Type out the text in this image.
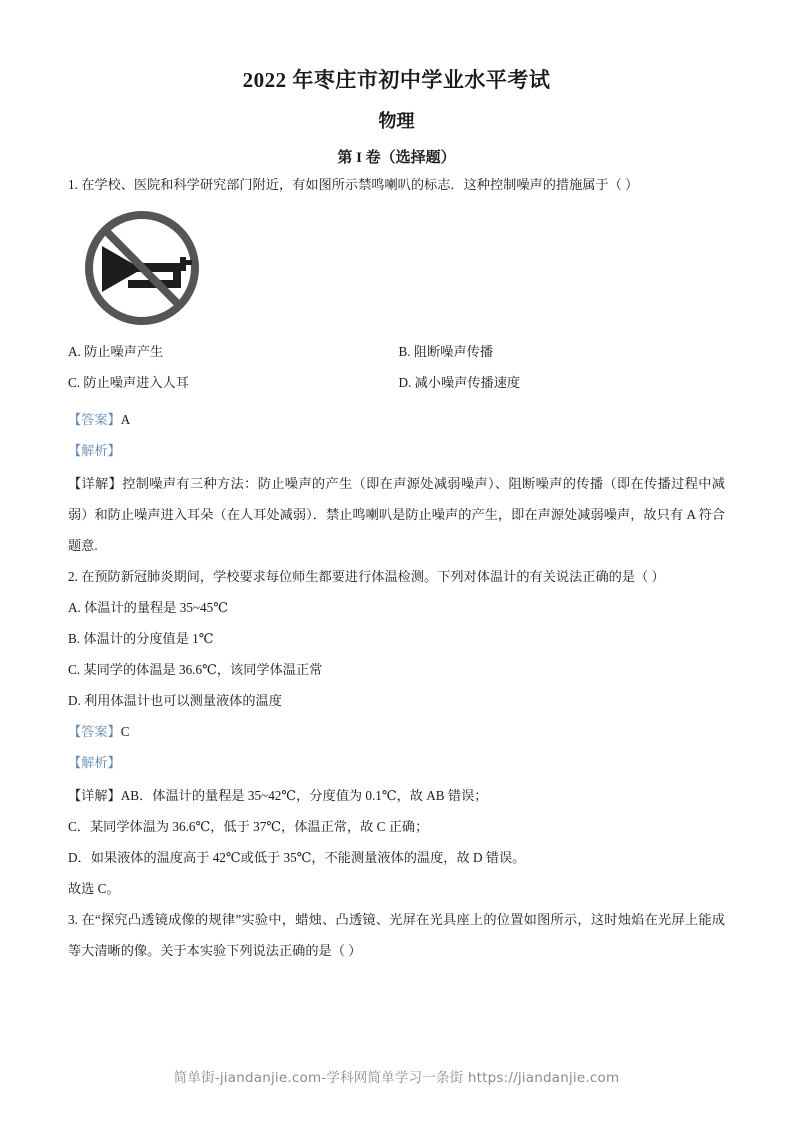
2022 年枣庄市初中学业水平考试
物理
第 I 卷（选择题）

1. 在学校、医院和科学研究部门附近，有如图所示禁鸣喇叭的标志．这种控制噪声的措施属于（ ）

A. 防止噪声产生	B. 阻断噪声传播
C. 防止噪声进入人耳	D. 减小噪声传播速度

【答案】A

【解析】

【详解】控制噪声有三种方法：防止噪声的产生（即在声源处减弱噪声）、阻断噪声的传播（即在传播过程中减弱）和防止噪声进入耳朵（在人耳处减弱）．禁止鸣喇叭是防止噪声的产生，即在声源处减弱噪声，故只有 A 符合题意.

2. 在预防新冠肺炎期间，学校要求每位师生都要进行体温检测。下列对体温计的有关说法正确的是（ ）

A. 体温计的量程是 35~45℃

B. 体温计的分度值是 1℃

C. 某同学的体温是 36.6℃，该同学体温正常

D. 利用体温计也可以测量液体的温度

【答案】C

【解析】

【详解】AB．体温计的量程是 35~42℃，分度值为 0.1℃，故 AB 错误；

C．某同学体温为 36.6℃，低于 37℃，体温正常，故 C 正确；

D．如果液体的温度高于 42℃或低于 35℃，不能测量液体的温度，故 D 错误。

故选 C。

3. 在“探究凸透镜成像的规律”实验中，蜡烛、凸透镜、光屏在光具座上的位置如图所示，这时烛焰在光屏上能成等大清晰的像。关于本实验下列说法正确的是（ ）

简单街-jiandanjie.com-学科网简单学习一条街 https://jiandanjie.com
